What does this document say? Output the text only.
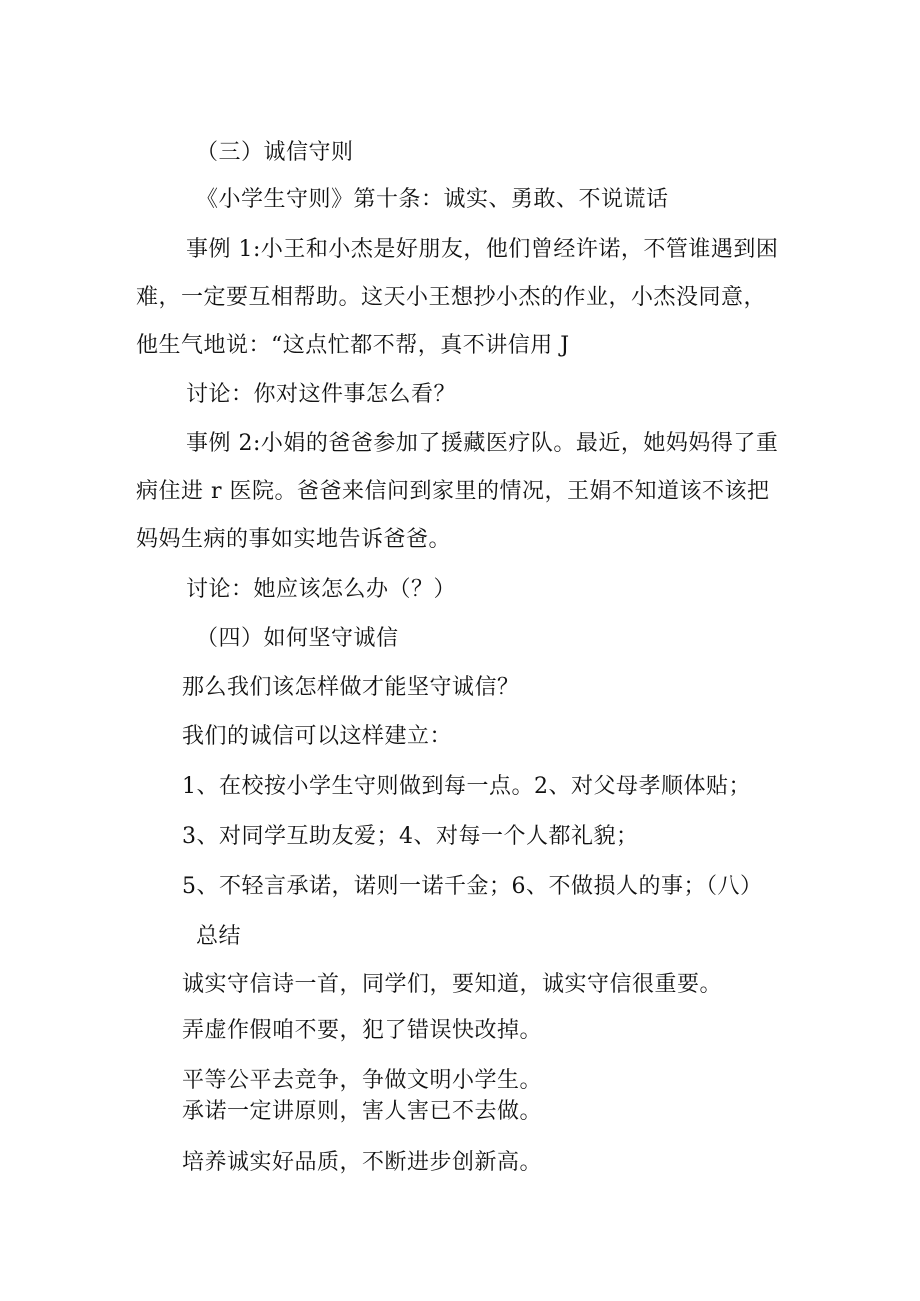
（三）诚信守则
《小学生守则》第十条：诚实、勇敢、不说谎话
事例 1:小王和小杰是好朋友，他们曾经许诺，不管谁遇到困
难，一定要互相帮助。这天小王想抄小杰的作业，小杰没同意，
他生气地说：“这点忙都不帮，真不讲信用 J
讨论：你对这件事怎么看？
事例 2:小娟的爸爸参加了援藏医疗队。最近，她妈妈得了重
病住进 r 医院。爸爸来信问到家里的情况，王娟不知道该不该把
妈妈生病的事如实地告诉爸爸。
讨论：她应该怎么办（？）
（四）如何坚守诚信
那么我们该怎样做才能坚守诚信？
我们的诚信可以这样建立：
1、在校按小学生守则做到每一点。2、对父母孝顺体贴；
3、对同学互助友爱；4、对每一个人都礼貌；
5、不轻言承诺，诺则一诺千金；6、不做损人的事；（八）
总结
诚实守信诗一首，同学们，要知道，诚实守信很重要。
弄虚作假咱不要，犯了错误快改掉。
平等公平去竞争，争做文明小学生。
承诺一定讲原则，害人害已不去做。
培养诚实好品质，不断进步创新高。
